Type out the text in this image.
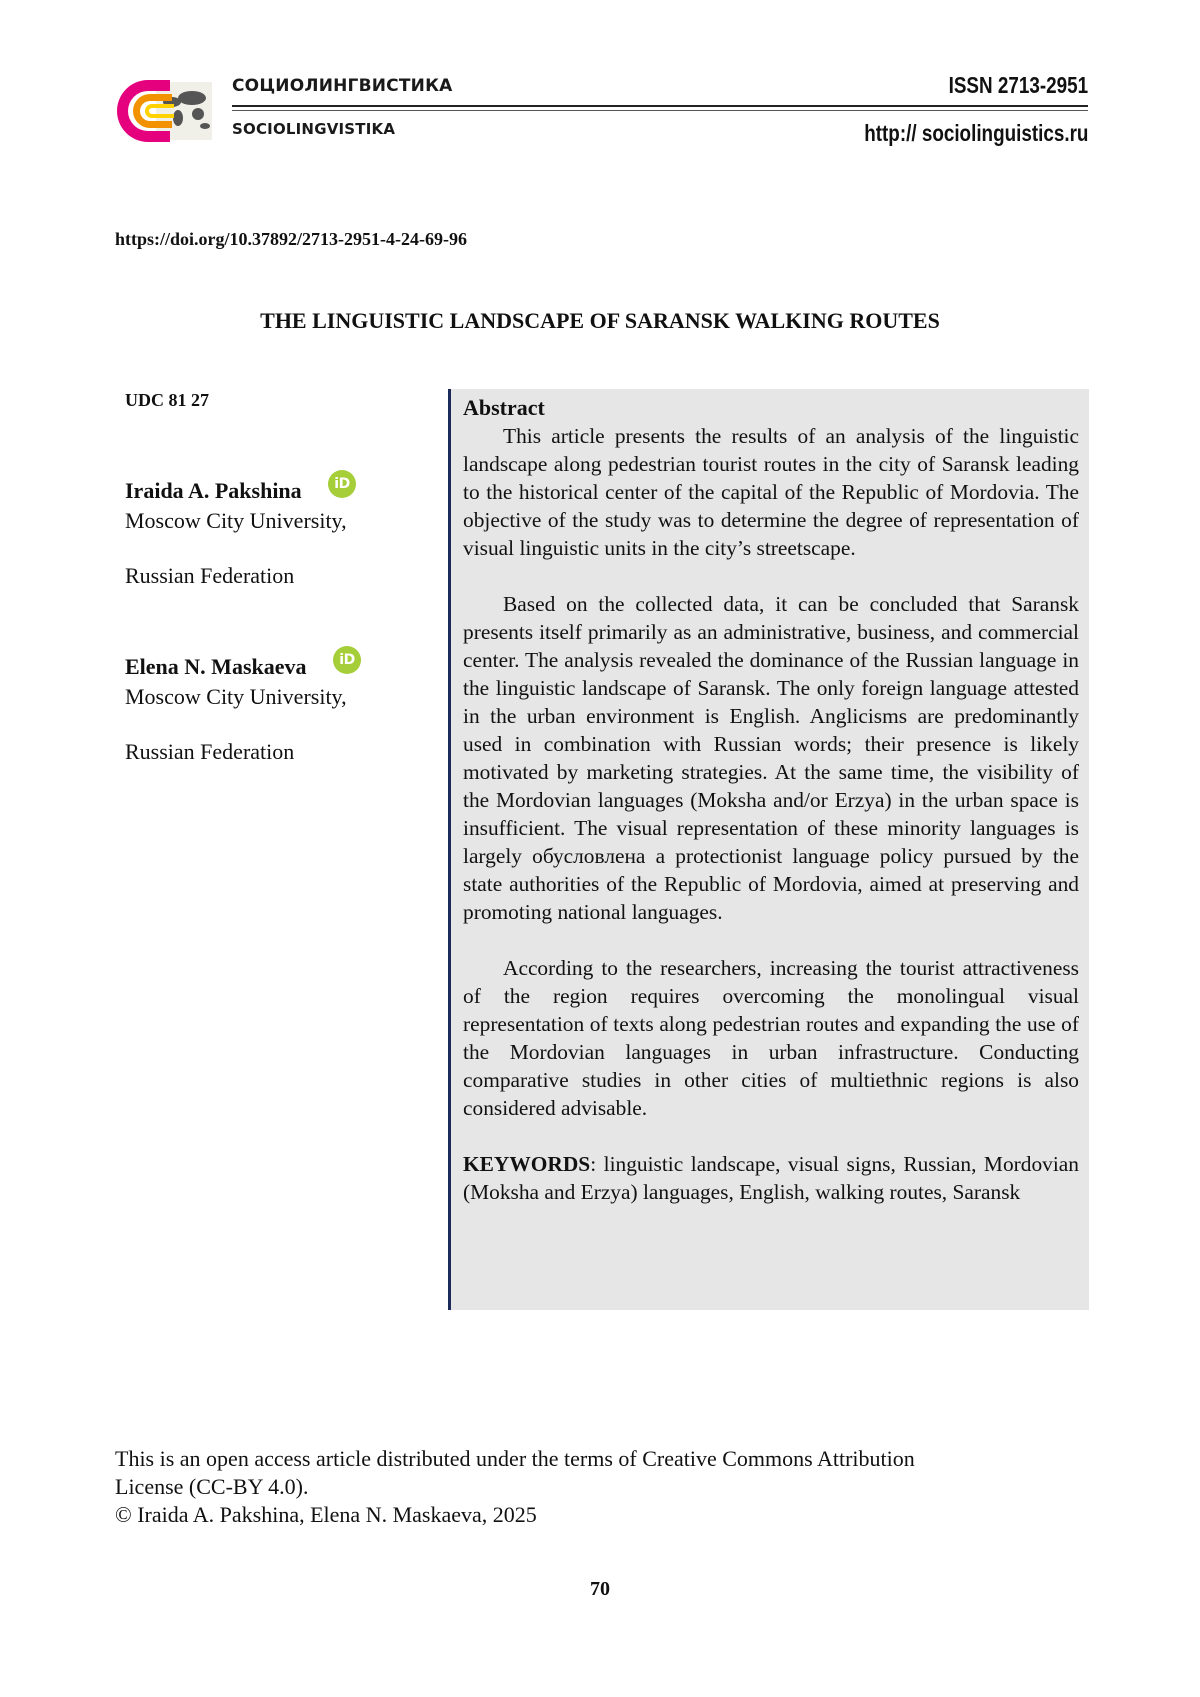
СОЦИОЛИНГВИСТИКА
SOCIOLINGVISTIKA
ISSN 2713-2951
http:// sociolinguistics.ru
https://doi.org/10.37892/2713-2951-4-24-69-96
THE LINGUISTIC LANDSCAPE OF SARANSK WALKING ROUTES
UDC 81 27
Iraida A. Pakshina	iD
Moscow City University,
Russian Federation
Elena N. Maskaeva	iD
Moscow City University,
Russian Federation
Abstract

This article presents the results of an analysis of the linguistic landscape along pedestrian tourist routes in the city of Saransk leading to the historical center of the capital of the Republic of Mordovia. The objective of the study was to determine the degree of representation of visual linguistic units in the city’s streetscape.

Based on the collected data, it can be concluded that Saransk presents itself primarily as an administrative, business, and commercial center. The analysis revealed the dominance of the Russian language in the linguistic landscape of Saransk. The only foreign language attested in the urban environment is English. Anglicisms are predominantly used in combination with Russian words; their presence is likely motivated by marketing strategies. At the same time, the visibility of the Mordovian languages (Moksha and/or Erzya) in the urban space is insufficient. The visual representation of these minority languages is largely обусловлена a protectionist language policy pursued by the state authorities of the Republic of Mordovia, aimed at preserving and promoting national languages.

According to the researchers, increasing the tourist attractiveness of the region requires overcoming the monolingual visual representation of texts along pedestrian routes and expanding the use of the Mordovian languages in urban infrastructure. Conducting comparative studies in other cities of multiethnic regions is also considered advisable.

KEYWORDS: linguistic landscape, visual signs, Russian, Mordovian (Moksha and Erzya) languages, English, walking routes, Saransk

This is an open access article distributed under the terms of Creative Commons Attribution
License (CC-BY 4.0).
© Iraida A. Pakshina, Elena N. Maskaeva, 2025
70
